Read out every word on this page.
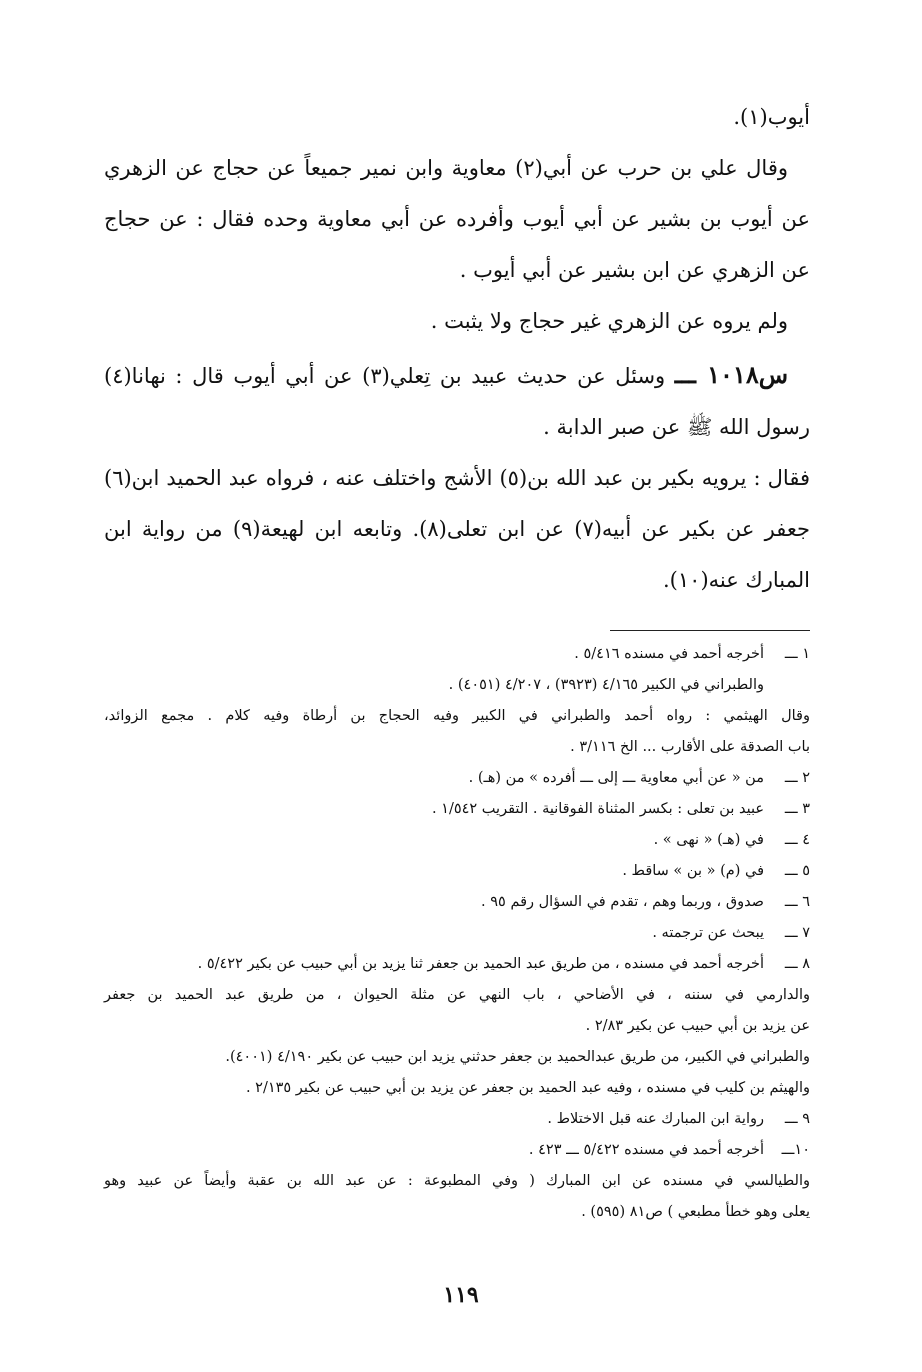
أيوب(١).

وقال علي بن حرب عن أبي(٢) معاوية وابن نمير جميعاً عن حجاج عن الزهري عن أيوب بن بشير عن أبي أيوب وأفرده عن أبي معاوية وحده فقال : عن حجاج عن الزهري عن ابن بشير عن أبي أيوب .

ولم يروه عن الزهري غير حجاج ولا يثبت .

س١٠١٨ ـــ وسئل عن حديث عبيد بن تِعلي(٣) عن أبي أيوب قال : نهانا(٤) رسول الله ﷺ عن صبر الدابة .

فقال : يرويه بكير بن عبد الله بن(٥) الأشج واختلف عنه ، فرواه عبد الحميد ابن(٦) جعفر عن بكير عن أبيه(٧) عن ابن تعلى(٨). وتابعه ابن لهيعة(٩) من رواية ابن المبارك عنه(١٠).

١ ـــ
أخرجه أحمد في مسنده ٥/٤١٦ .
والطبراني في الكبير ٤/١٦٥ (٣٩٢٣) ، ٤/٢٠٧ (٤٠٥١) .
وقال الهيثمي : رواه أحمد والطبراني في الكبير وفيه الحجاج بن أرطاة وفيه كلام . مجمع الزوائد،
باب الصدقة على الأقارب ... الخ ٣/١١٦ .
٢ ـــ
من « عن أبي معاوية ـــ إلى ـــ أفرده » من (هـ) .
٣ ـــ
عبيد بن تعلى : بكسر المثناة الفوقانية . التقريب ١/٥٤٢ .
٤ ـــ
في (هـ) « نهى » .
٥ ـــ
في (م) « بن » ساقط .
٦ ـــ
صدوق ، وربما وهم ، تقدم في السؤال رقم ٩٥ .
٧ ـــ
يبحث عن ترجمته .
٨ ـــ
أخرجه أحمد في مسنده ، من طريق عبد الحميد بن جعفر ثنا يزيد بن أبي حبيب عن بكير ٥/٤٢٢ .
والدارمي في سننه ، في الأضاحي ، باب النهي عن مثلة الحيوان ، من طريق عبد الحميد بن جعفر
عن يزيد بن أبي حبيب عن بكير ٢/٨٣ .
والطبراني في الكبير، من طريق عبدالحميد بن جعفر حدثني يزيد ابن حبيب عن بكير ٤/١٩٠ (٤٠٠١).
والهيثم بن كليب في مسنده ، وفيه عبد الحميد بن جعفر عن يزيد بن أبي حبيب عن بكير ٢/١٣٥ .
٩ ـــ
رواية ابن المبارك عنه قبل الاختلاط .
١٠ـــ
أخرجه أحمد في مسنده ٥/٤٢٢ ـــ ٤٢٣ .
والطيالسي في مسنده عن ابن المبارك ( وفي المطبوعة : عن عبد الله بن عقبة وأيضاً عن عبيد وهو
يعلى وهو خطأ مطبعي ) ص٨١ (٥٩٥) .
١١٩
